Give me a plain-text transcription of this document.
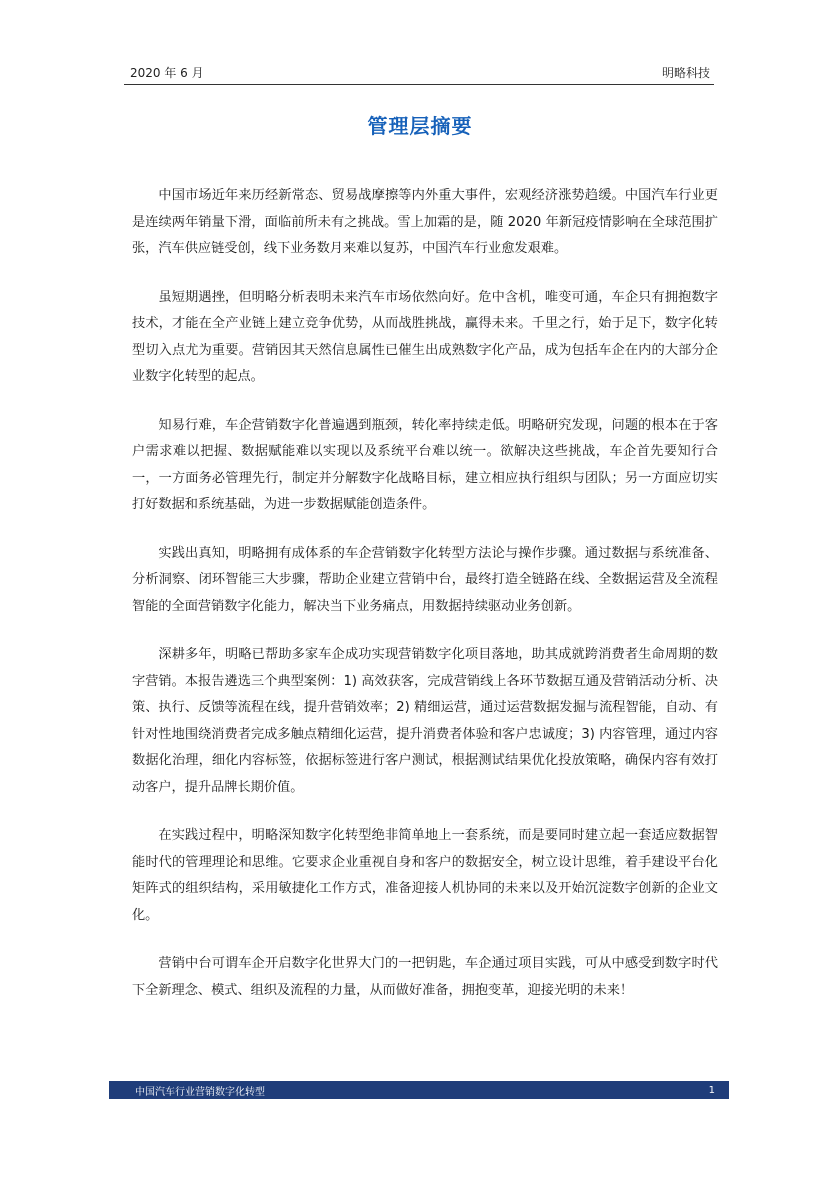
2020 年 6 月	明略科技
管理层摘要

中国市场近年来历经新常态、贸易战摩擦等内外重大事件，宏观经济涨势趋缓。中国汽车行业更是连续两年销量下滑，面临前所未有之挑战。雪上加霜的是，随 2020 年新冠疫情影响在全球范围扩张，汽车供应链受创，线下业务数月来难以复苏，中国汽车行业愈发艰难。

虽短期遇挫，但明略分析表明未来汽车市场依然向好。危中含机，唯变可通，车企只有拥抱数字技术，才能在全产业链上建立竞争优势，从而战胜挑战，赢得未来。千里之行，始于足下，数字化转型切入点尤为重要。营销因其天然信息属性已催生出成熟数字化产品，成为包括车企在内的大部分企业数字化转型的起点。

知易行难，车企营销数字化普遍遇到瓶颈，转化率持续走低。明略研究发现，问题的根本在于客户需求难以把握、数据赋能难以实现以及系统平台难以统一。欲解决这些挑战，车企首先要知行合一，一方面务必管理先行，制定并分解数字化战略目标，建立相应执行组织与团队；另一方面应切实打好数据和系统基础，为进一步数据赋能创造条件。

实践出真知，明略拥有成体系的车企营销数字化转型方法论与操作步骤。通过数据与系统准备、分析洞察、闭环智能三大步骤，帮助企业建立营销中台，最终打造全链路在线、全数据运营及全流程智能的全面营销数字化能力，解决当下业务痛点，用数据持续驱动业务创新。

深耕多年，明略已帮助多家车企成功实现营销数字化项目落地，助其成就跨消费者生命周期的数字营销。本报告遴选三个典型案例：1) 高效获客，完成营销线上各环节数据互通及营销活动分析、决策、执行、反馈等流程在线，提升营销效率；2) 精细运营，通过运营数据发掘与流程智能，自动、有针对性地围绕消费者完成多触点精细化运营，提升消费者体验和客户忠诚度；3) 内容管理，通过内容数据化治理，细化内容标签，依据标签进行客户测试，根据测试结果优化投放策略，确保内容有效打动客户，提升品牌长期价值。

在实践过程中，明略深知数字化转型绝非简单地上一套系统，而是要同时建立起一套适应数据智能时代的管理理论和思维。它要求企业重视自身和客户的数据安全，树立设计思维，着手建设平台化矩阵式的组织结构，采用敏捷化工作方式，准备迎接人机协同的未来以及开始沉淀数字创新的企业文化。

营销中台可谓车企开启数字化世界大门的一把钥匙，车企通过项目实践，可从中感受到数字时代下全新理念、模式、组织及流程的力量，从而做好准备，拥抱变革，迎接光明的未来！

中国汽车行业营销数字化转型	1
